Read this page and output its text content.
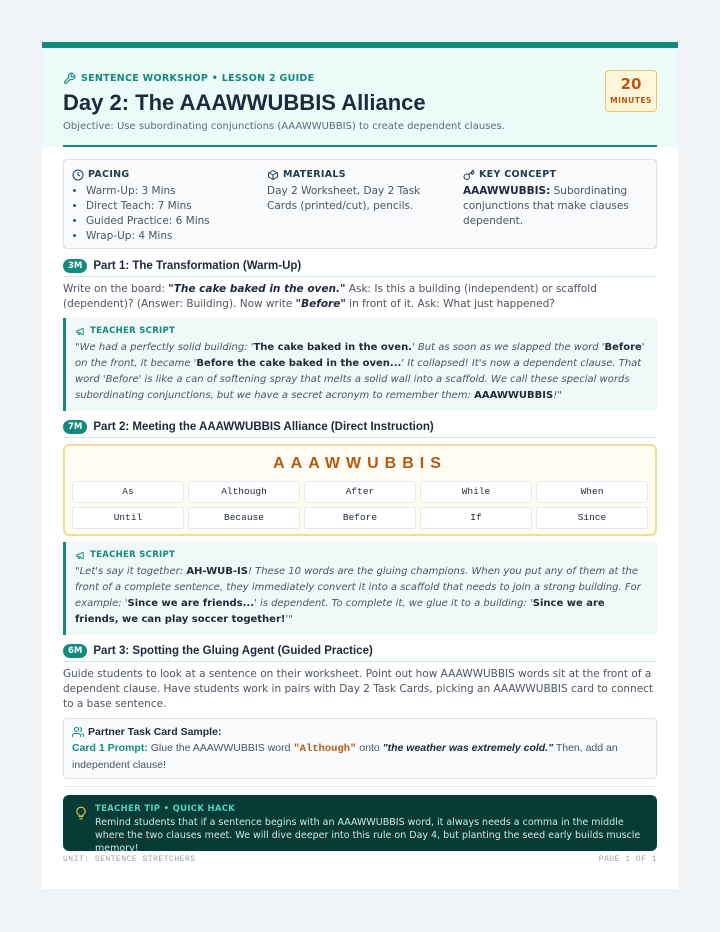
SENTENCE WORKSHOP • LESSON 2 GUIDE
Day 2: The AAAWWUBBIS Alliance
Objective: Use subordinating conjunctions (AAAWWUBBIS) to create dependent clauses.
20
MINUTES
PACING
• Warm-Up: 3 Mins
• Direct Teach: 7 Mins
• Guided Practice: 6 Mins
• Wrap-Up: 4 Mins
MATERIALS
Day 2 Worksheet, Day 2 Task Cards (printed/cut), pencils.
KEY CONCEPT
AAAWWUBBIS: Subordinating conjunctions that make clauses dependent.
3M Part 1: The Transformation (Warm-Up)
Write on the board: "The cake baked in the oven." Ask: Is this a building (independent) or scaffold (dependent)? (Answer: Building). Now write "Before" in front of it. Ask: What just happened?
TEACHER SCRIPT
"We had a perfectly solid building: 'The cake baked in the oven.' But as soon as we slapped the word 'Before' on the front, it became 'Before the cake baked in the oven...' It collapsed! It's now a dependent clause. That word 'Before' is like a can of softening spray that melts a solid wall into a scaffold. We call these special words subordinating conjunctions, but we have a secret acronym to remember them: AAAWWUBBIS!"
7M Part 2: Meeting the AAAWWUBBIS Alliance (Direct Instruction)
AAAWWUBBIS
As	Although	After	While	When
Until	Because	Before	If	Since
TEACHER SCRIPT
"Let's say it together: AH-WUB-IS! These 10 words are the gluing champions. When you put any of them at the front of a complete sentence, they immediately convert it into a scaffold that needs to join a strong building. For example: 'Since we are friends...' is dependent. To complete it, we glue it to a building: 'Since we are friends, we can play soccer together!'"
6M Part 3: Spotting the Gluing Agent (Guided Practice)
Guide students to look at a sentence on their worksheet. Point out how AAAWWUBBIS words sit at the front of a dependent clause. Have students work in pairs with Day 2 Task Cards, picking an AAAWWUBBIS card to connect to a base sentence.
Partner Task Card Sample:
Card 1 Prompt: Glue the AAAWWUBBIS word "Although" onto "the weather was extremely cold." Then, add an independent clause!
TEACHER TIP • QUICK HACK
Remind students that if a sentence begins with an AAAWWUBBIS word, it always needs a comma in the middle where the two clauses meet. We will dive deeper into this rule on Day 4, but planting the seed early builds muscle memory!
UNIT: SENTENCE STRETCHERS	PAGE 1 OF 1
